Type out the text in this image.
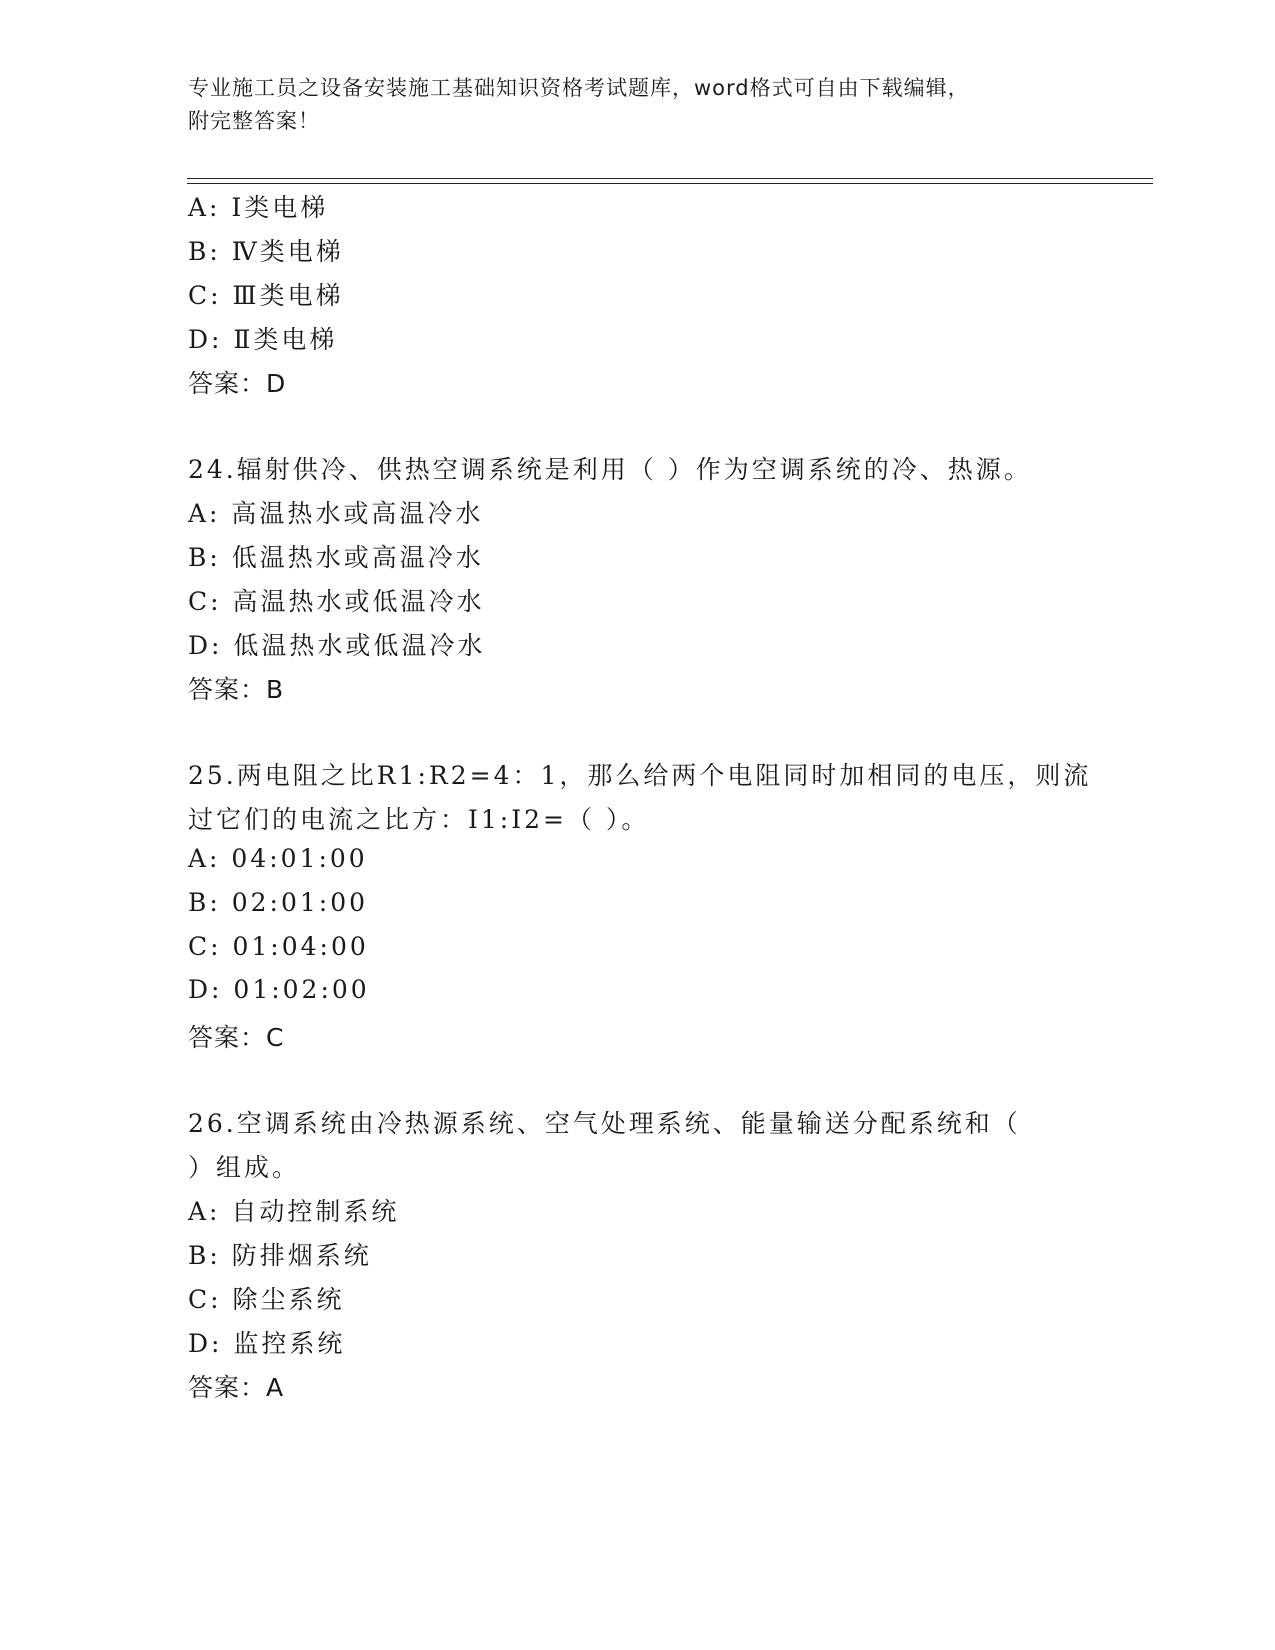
专业施工员之设备安装施工基础知识资格考试题库，word格式可自由下载编辑，
附完整答案！
A: Ⅰ类电梯
B: Ⅳ类电梯
C: Ⅲ类电梯
D: Ⅱ类电梯
答案：D
24.辐射供冷、供热空调系统是利用（ ）作为空调系统的冷、热源。
A: 高温热水或高温冷水
B: 低温热水或高温冷水
C: 高温热水或低温冷水
D: 低温热水或低温冷水
答案：B
25.两电阻之比R1:R2=4：1，那么给两个电阻同时加相同的电压，则流
过它们的电流之比方：I1:I2=（ ）。
A: 04:01:00
B: 02:01:00
C: 01:04:00
D: 01:02:00
答案：C
26.空调系统由冷热源系统、空气处理系统、能量输送分配系统和（
）组成。
A: 自动控制系统
B: 防排烟系统
C: 除尘系统
D: 监控系统
答案：A
